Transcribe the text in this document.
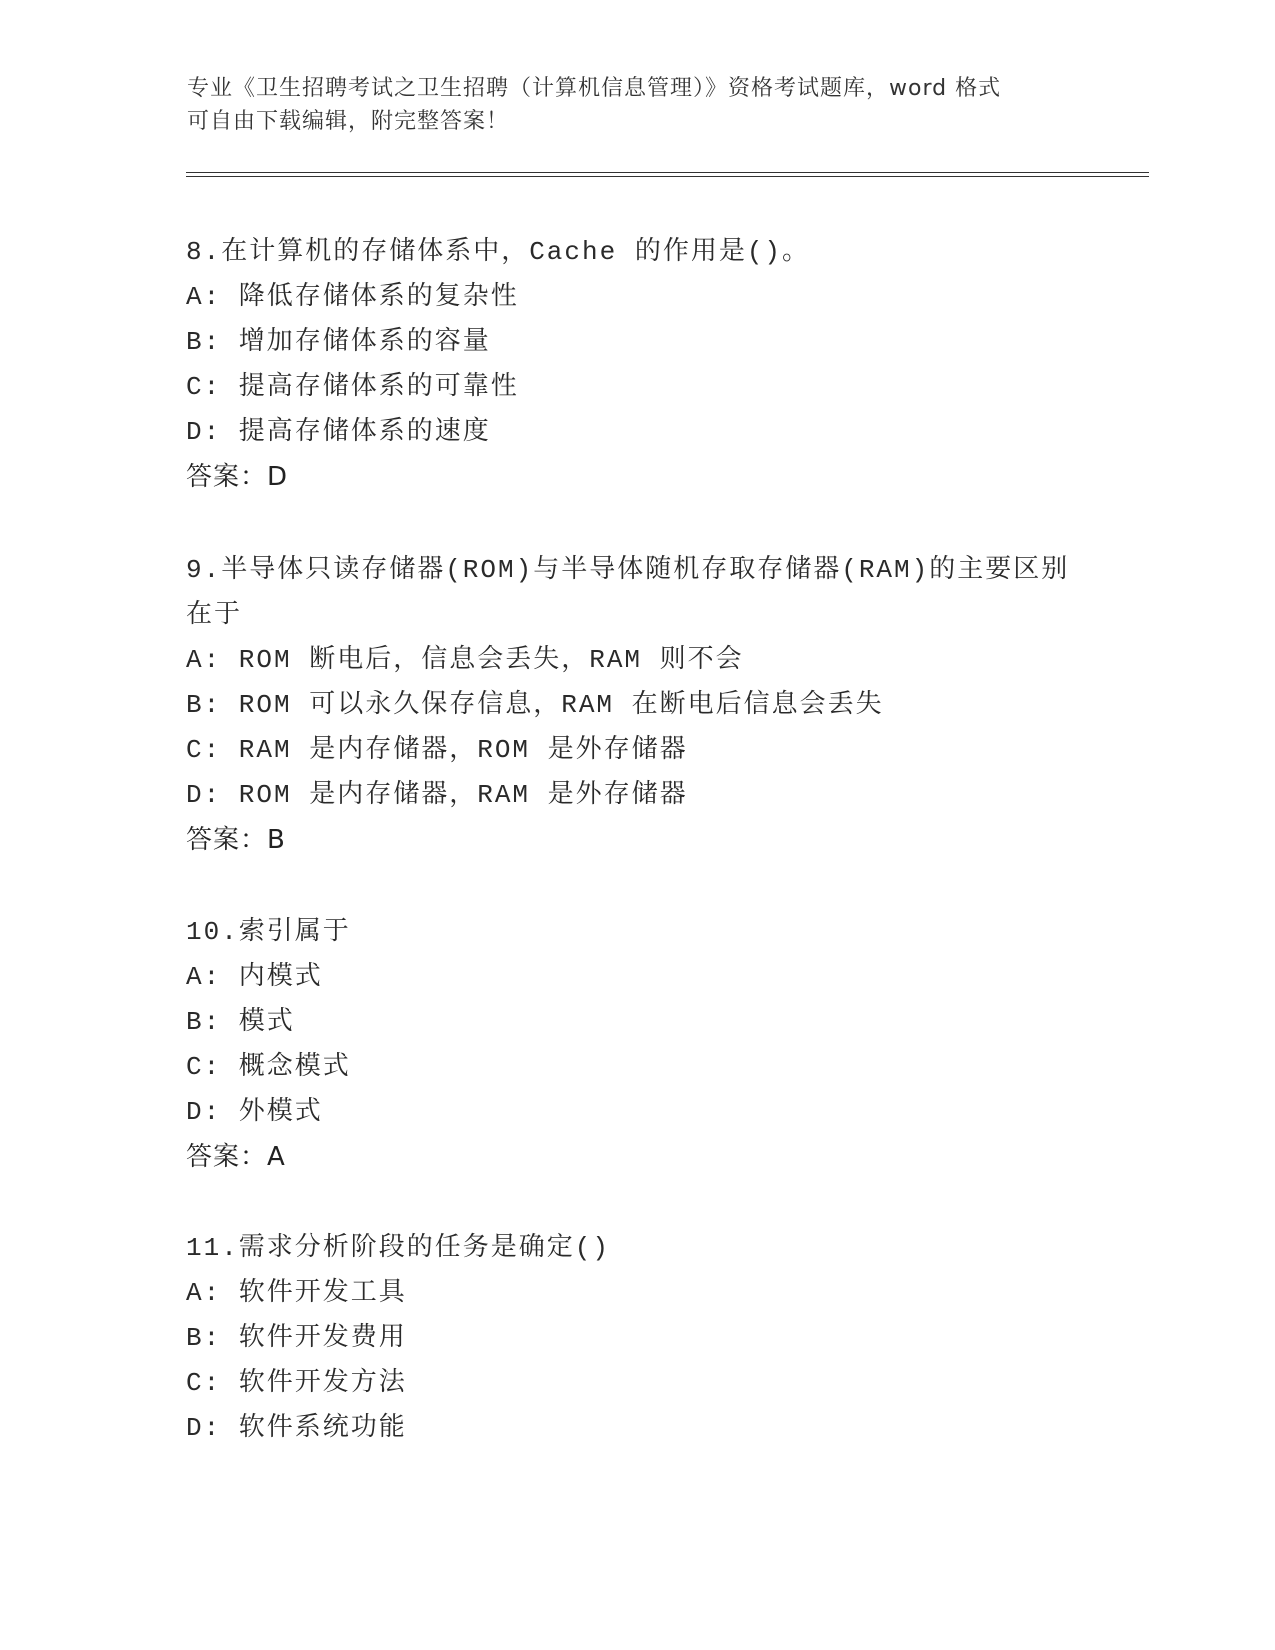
专业《卫生招聘考试之卫生招聘（计算机信息管理）》资格考试题库，word 格式
可自由下载编辑，附完整答案！
8.在计算机的存储体系中，Cache 的作用是()。
A: 降低存储体系的复杂性
B: 增加存储体系的容量
C: 提高存储体系的可靠性
D: 提高存储体系的速度
答案：D
9.半导体只读存储器(ROM)与半导体随机存取存储器(RAM)的主要区别
在于
A: ROM 断电后，信息会丢失，RAM 则不会
B: ROM 可以永久保存信息，RAM 在断电后信息会丢失
C: RAM 是内存储器，ROM 是外存储器
D: ROM 是内存储器，RAM 是外存储器
答案：B
10.索引属于
A: 内模式
B: 模式
C: 概念模式
D: 外模式
答案：A
11.需求分析阶段的任务是确定()
A: 软件开发工具
B: 软件开发费用
C: 软件开发方法
D: 软件系统功能
